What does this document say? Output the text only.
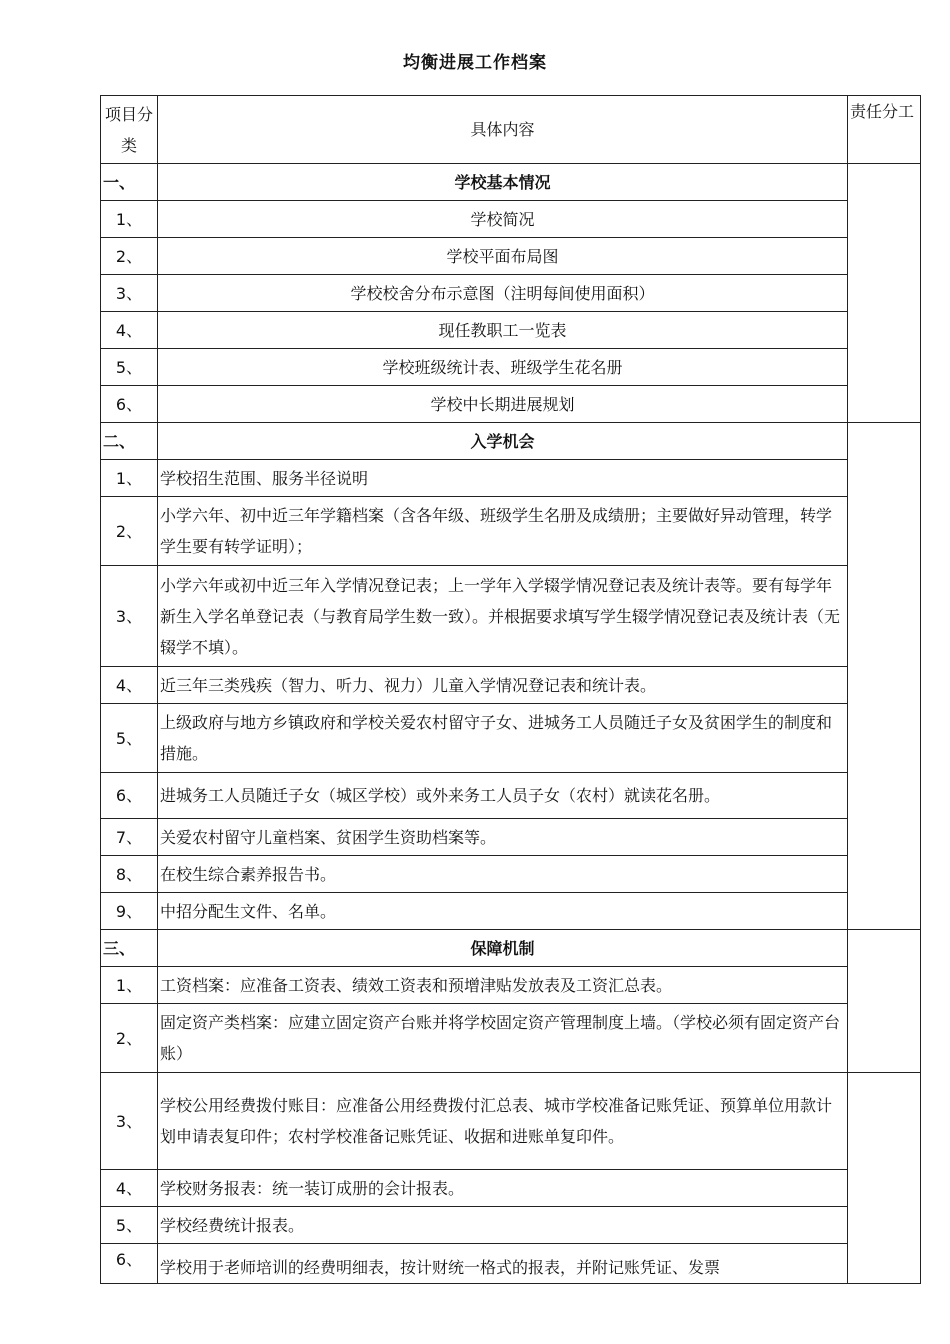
均衡进展工作档案
项目分类	具体内容	责任分工
一、	学校基本情况	
1、	学校简况	
2、	学校平面布局图	
3、	学校校舍分布示意图（注明每间使用面积）	
4、	现任教职工一览表	
5、	学校班级统计表、班级学生花名册	
6、	学校中长期进展规划	
二、	入学机会	
1、	学校招生范围、服务半径说明	
2、	小学六年、初中近三年学籍档案（含各年级、班级学生名册及成绩册；主要做好异动管理，转学学生要有转学证明）；	
3、	小学六年或初中近三年入学情况登记表；上一学年入学辍学情况登记表及统计表等。要有每学年新生入学名单登记表（与教育局学生数一致）。并根据要求填写学生辍学情况登记表及统计表（无辍学不填）。	
4、	近三年三类残疾（智力、听力、视力）儿童入学情况登记表和统计表。	
5、	上级政府与地方乡镇政府和学校关爱农村留守子女、进城务工人员随迁子女及贫困学生的制度和措施。	
6、	进城务工人员随迁子女（城区学校）或外来务工人员子女（农村）就读花名册。	
7、	关爱农村留守儿童档案、贫困学生资助档案等。	
8、	在校生综合素养报告书。	
9、	中招分配生文件、名单。	
三、	保障机制	
1、	工资档案：应准备工资表、绩效工资表和预增津贴发放表及工资汇总表。	
2、	固定资产类档案：应建立固定资产台账并将学校固定资产管理制度上墙。（学校必须有固定资产台账）	
3、	学校公用经费拨付账目：应准备公用经费拨付汇总表、城市学校准备记账凭证、预算单位用款计划申请表复印件；农村学校准备记账凭证、收据和进账单复印件。	
4、	学校财务报表：统一装订成册的会计报表。	
5、	学校经费统计报表。	
6、	学校用于老师培训的经费明细表，按计财统一格式的报表，并附记账凭证、发票	
